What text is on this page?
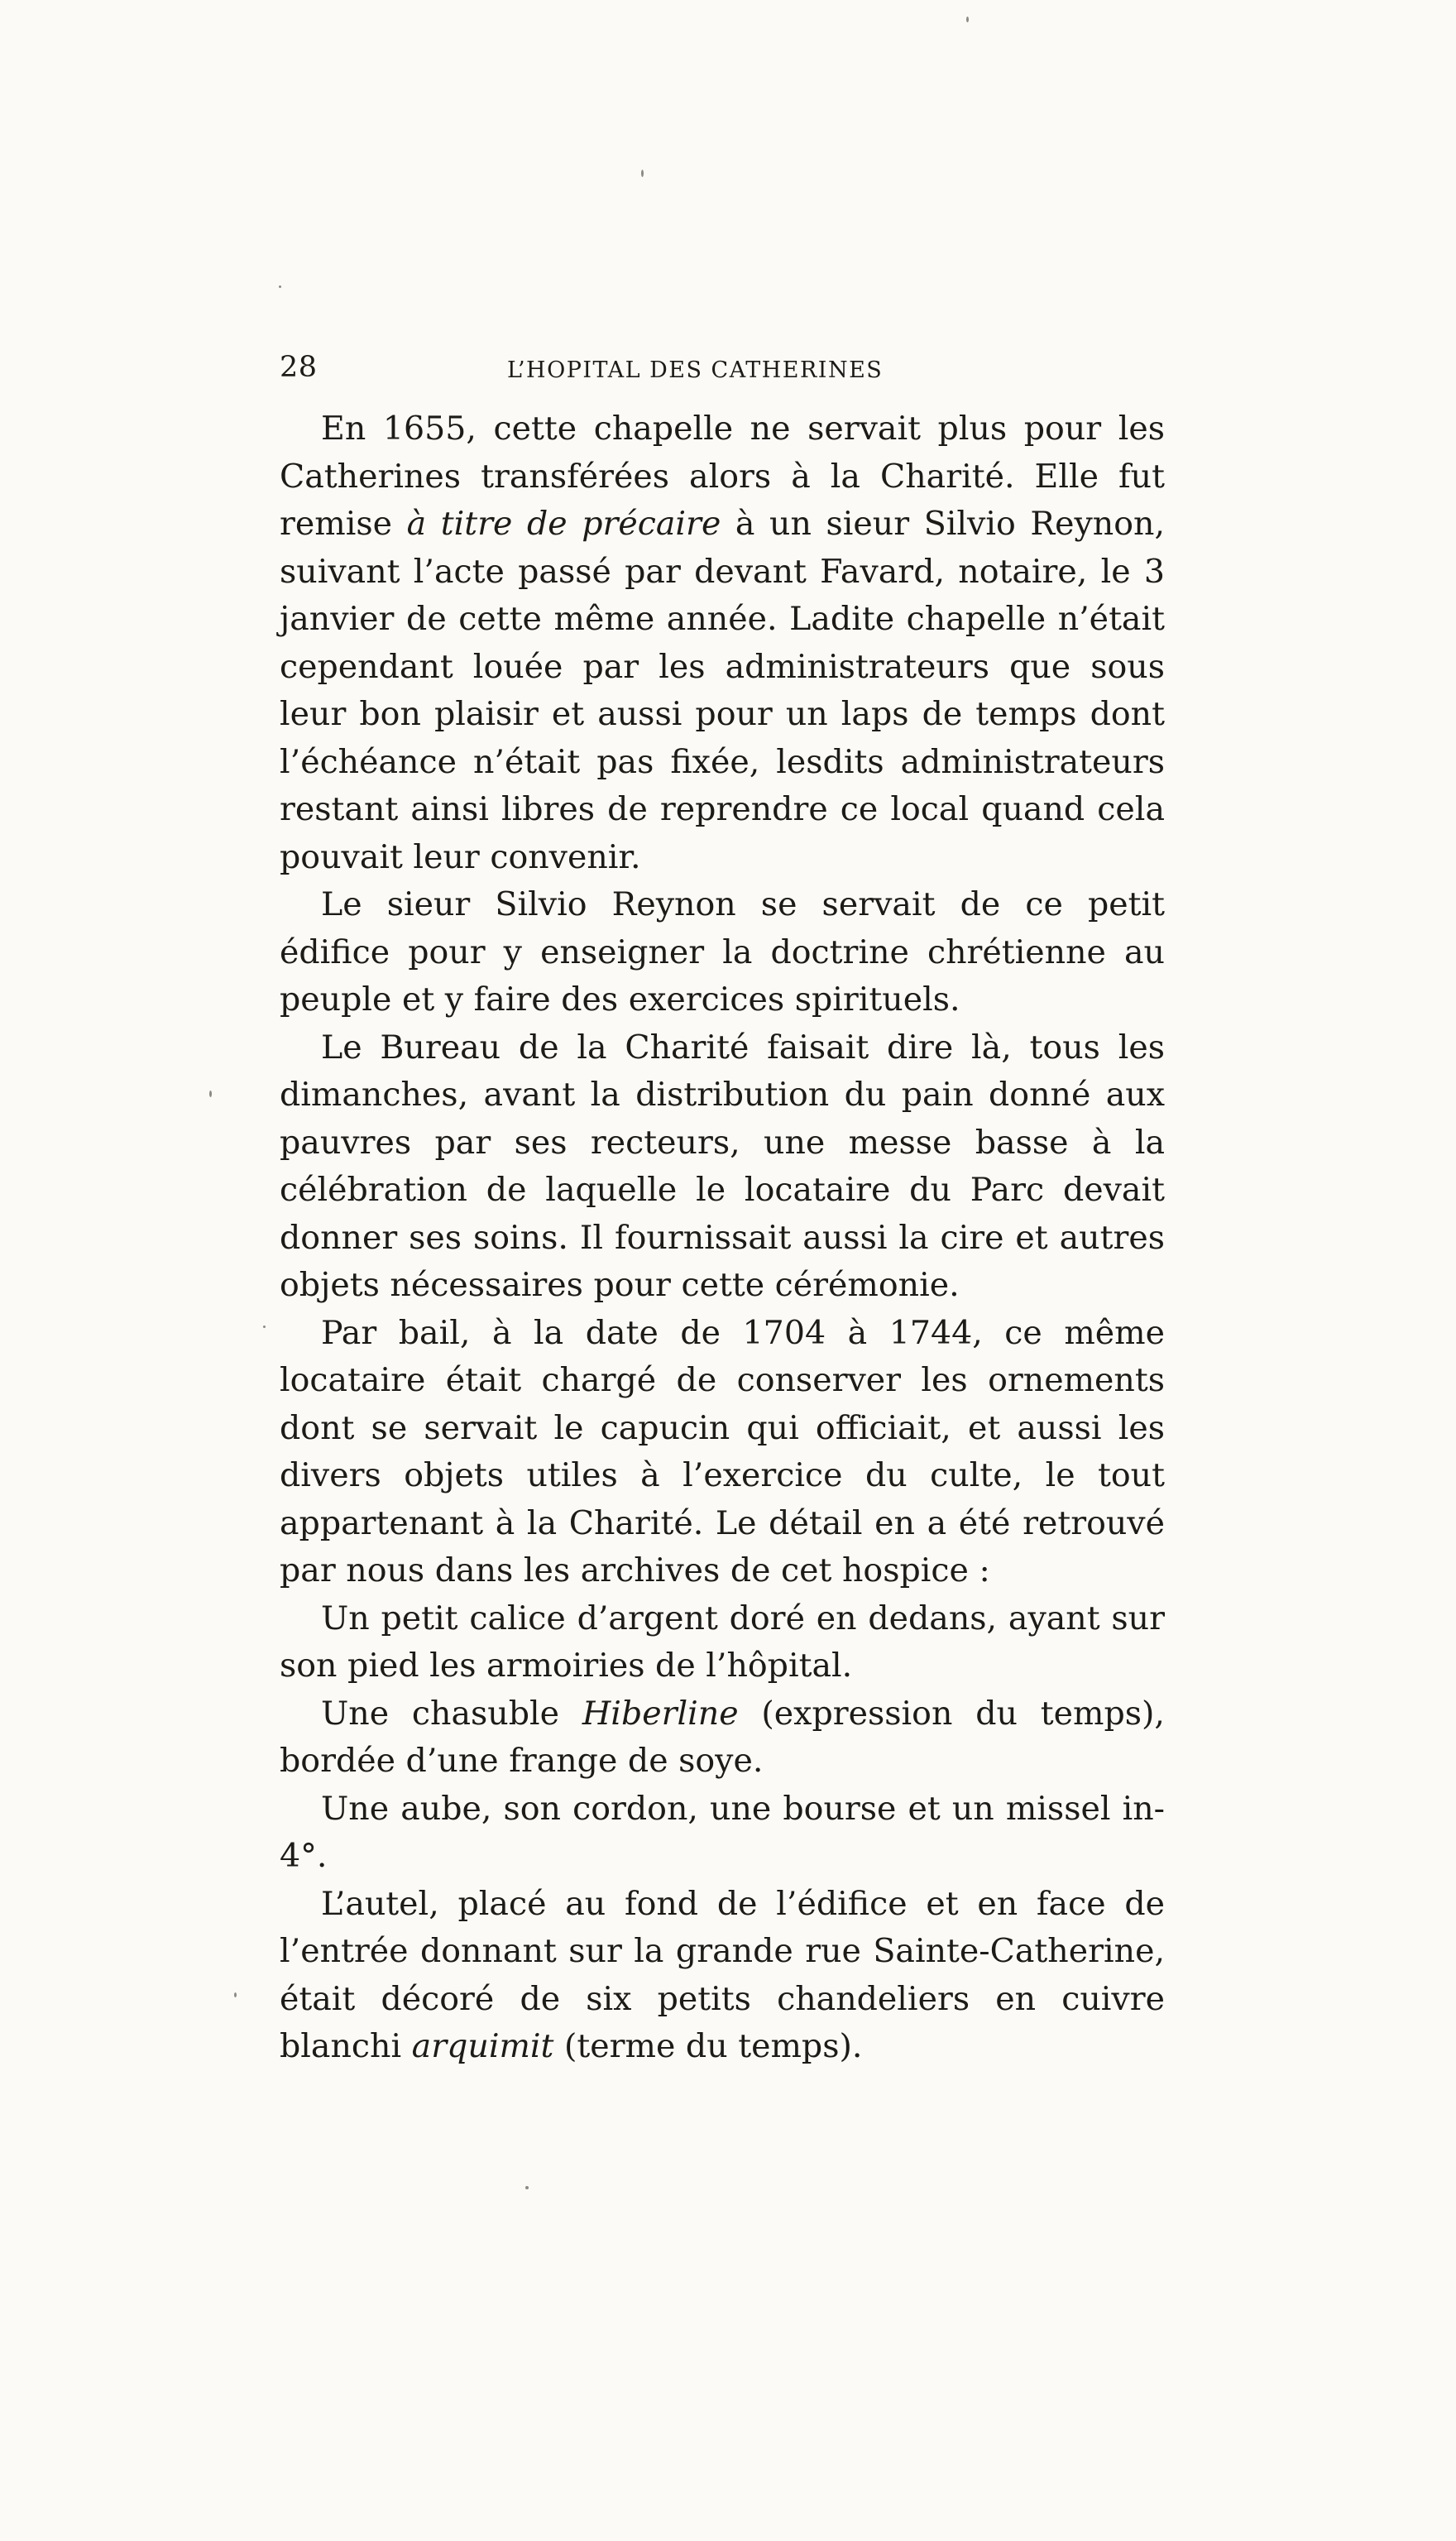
28	L’HOPITAL DES CATHERINES

En 1655, cette chapelle ne servait plus pour les Catherines transférées alors à la Charité. Elle fut remise à titre de précaire à un sieur Silvio Reynon, suivant l’acte passé par devant Favard, notaire, le 3 janvier de cette même année. Ladite chapelle n’était cependant louée par les administrateurs que sous leur bon plaisir et aussi pour un laps de temps dont l’échéance n’était pas fixée, lesdits administrateurs restant ainsi libres de reprendre ce local quand cela pouvait leur convenir.

Le sieur Silvio Reynon se servait de ce petit édifice pour y enseigner la doctrine chrétienne au peuple et y faire des exercices spirituels.

Le Bureau de la Charité faisait dire là, tous les dimanches, avant la distribution du pain donné aux pauvres par ses recteurs, une messe basse à la célébration de laquelle le locataire du Parc devait donner ses soins. Il fournissait aussi la cire et autres objets nécessaires pour cette cérémonie.

Par bail, à la date de 1704 à 1744, ce même locataire était chargé de conserver les ornements dont se servait le capucin qui officiait, et aussi les divers objets utiles à l’exercice du culte, le tout appartenant à la Charité. Le détail en a été retrouvé par nous dans les archives de cet hospice :

Un petit calice d’argent doré en dedans, ayant sur son pied les armoiries de l’hôpital.

Une chasuble Hiberline (expression du temps), bordée d’une frange de soye.

Une aube, son cordon, une bourse et un missel in-4°.

L’autel, placé au fond de l’édifice et en face de l’entrée donnant sur la grande rue Sainte-Catherine, était décoré de six petits chandeliers en cuivre blanchi arquimit (terme du temps).
